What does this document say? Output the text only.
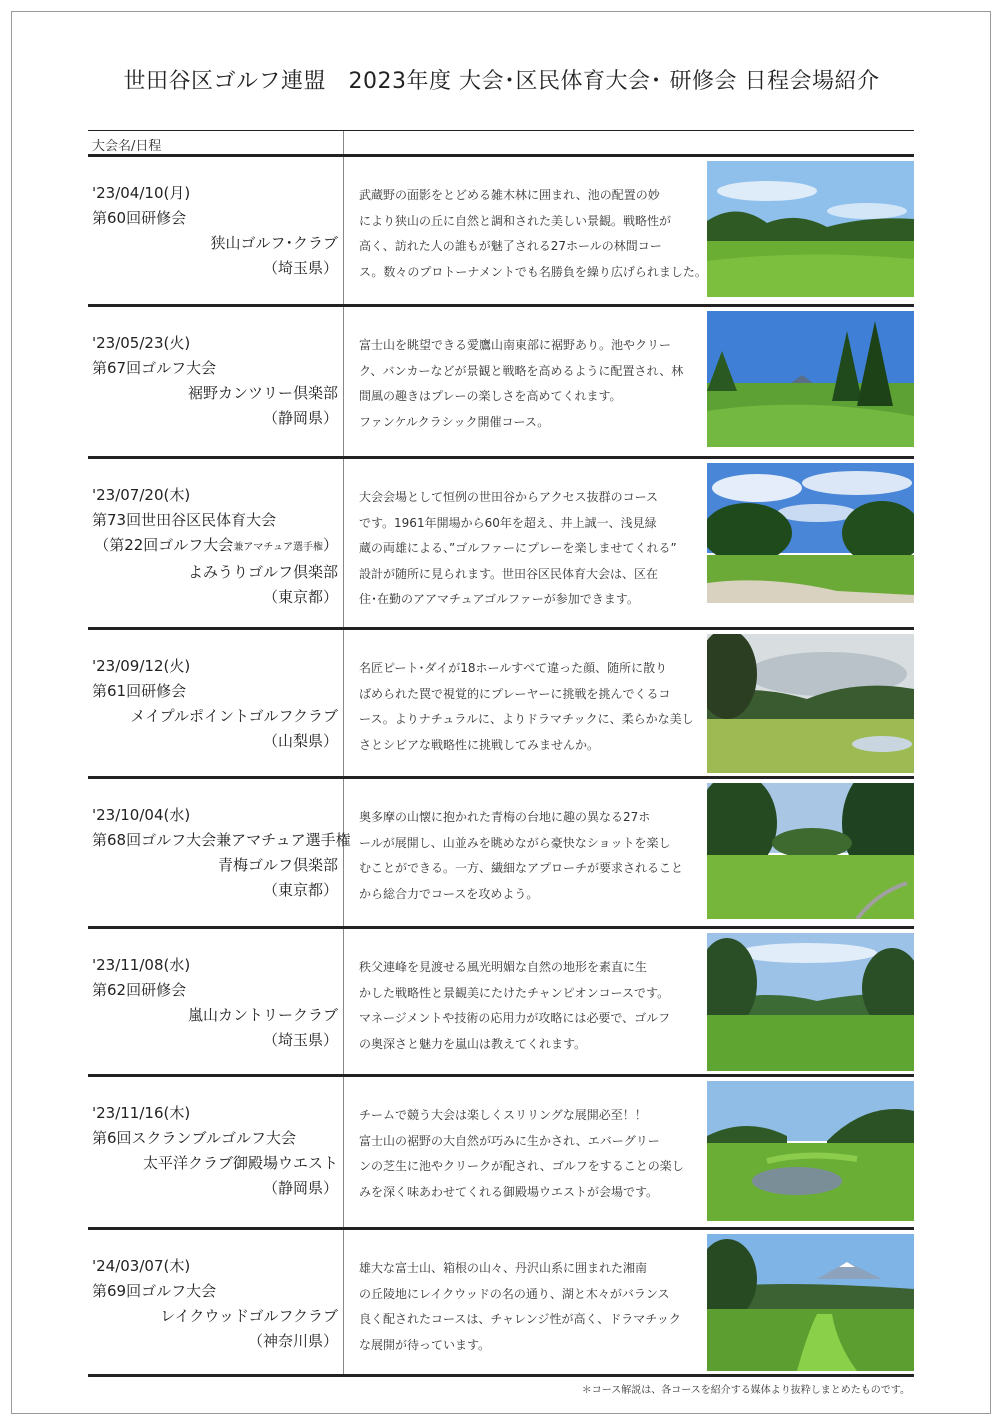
世田谷区ゴルフ連盟　2023年度 大会･区民体育大会･ 研修会 日程会場紹介
大会名/日程
'23/04/10(月)
第60回研修会
狭山ゴルフ･クラブ
（埼玉県）
武蔵野の面影をとどめる雑木林に囲まれ、池の配置の妙
により狭山の丘に自然と調和された美しい景観。戦略性が
高く、訪れた人の誰もが魅了される27ホールの林間コー
ス。数々のプロトーナメントでも名勝負を繰り広げられました。
'23/05/23(火)
第67回ゴルフ大会
裾野カンツリー倶楽部
（静岡県）
富士山を眺望できる愛鷹山南東部に裾野あり。池やクリー
ク、バンカーなどが景観と戦略を高めるように配置され、林
間風の趣きはプレーの楽しさを高めてくれます。
ファンケルクラシック開催コース。
'23/07/20(木)
第73回世田谷区民体育大会
（第22回ゴルフ大会兼アマチュア選手権）
よみうりゴルフ倶楽部
（東京都）
大会会場として恒例の世田谷からアクセス抜群のコース
です。1961年開場から60年を超え、井上誠一、浅見緑
蔵の両雄による、”ゴルファーにプレーを楽しませてくれる”
設計が随所に見られます。世田谷区民体育大会は、区在
住･在勤のアアマチュアゴルファーが参加できます。
'23/09/12(火)
第61回研修会
メイプルポイントゴルフクラブ
（山梨県）
名匠ピート･ダイが18ホールすべて違った顔、随所に散り
ばめられた罠で視覚的にプレーヤーに挑戦を挑んでくるコ
ース。よりナチュラルに、よりドラマチックに、柔らかな美し
さとシビアな戦略性に挑戦してみませんか。
'23/10/04(水)
第68回ゴルフ大会兼アマチュア選手権
青梅ゴルフ倶楽部
（東京都）
奥多摩の山懐に抱かれた青梅の台地に趣の異なる27ホ
ールが展開し、山並みを眺めながら豪快なショットを楽し
むことができる。一方、繊細なアプローチが要求されること
から総合力でコースを攻めよう。
'23/11/08(水)
第62回研修会
嵐山カントリークラブ
（埼玉県）
秩父連峰を見渡せる風光明媚な自然の地形を素直に生
かした戦略性と景観美にたけたチャンピオンコースです。
マネージメントや技術の応用力が攻略には必要で、ゴルフ
の奥深さと魅力を嵐山は教えてくれます。
'23/11/16(木)
第6回スクランブルゴルフ大会
太平洋クラブ御殿場ウエスト
（静岡県）
チームで競う大会は楽しくスリリングな展開必至！！
富士山の裾野の大自然が巧みに生かされ、エバーグリー
ンの芝生に池やクリークが配され、ゴルフをすることの楽し
みを深く味あわせてくれる御殿場ウエストが会場です。
'24/03/07(木)
第69回ゴルフ大会
レイクウッドゴルフクラブ
（神奈川県）
雄大な富士山、箱根の山々、丹沢山系に囲まれた湘南
の丘陵地にレイクウッドの名の通り、湖と木々がバランス
良く配されたコースは、チャレンジ性が高く、ドラマチック
な展開が待っています。
＊コース解説は、各コースを紹介する媒体より抜粋しまとめたものです。
